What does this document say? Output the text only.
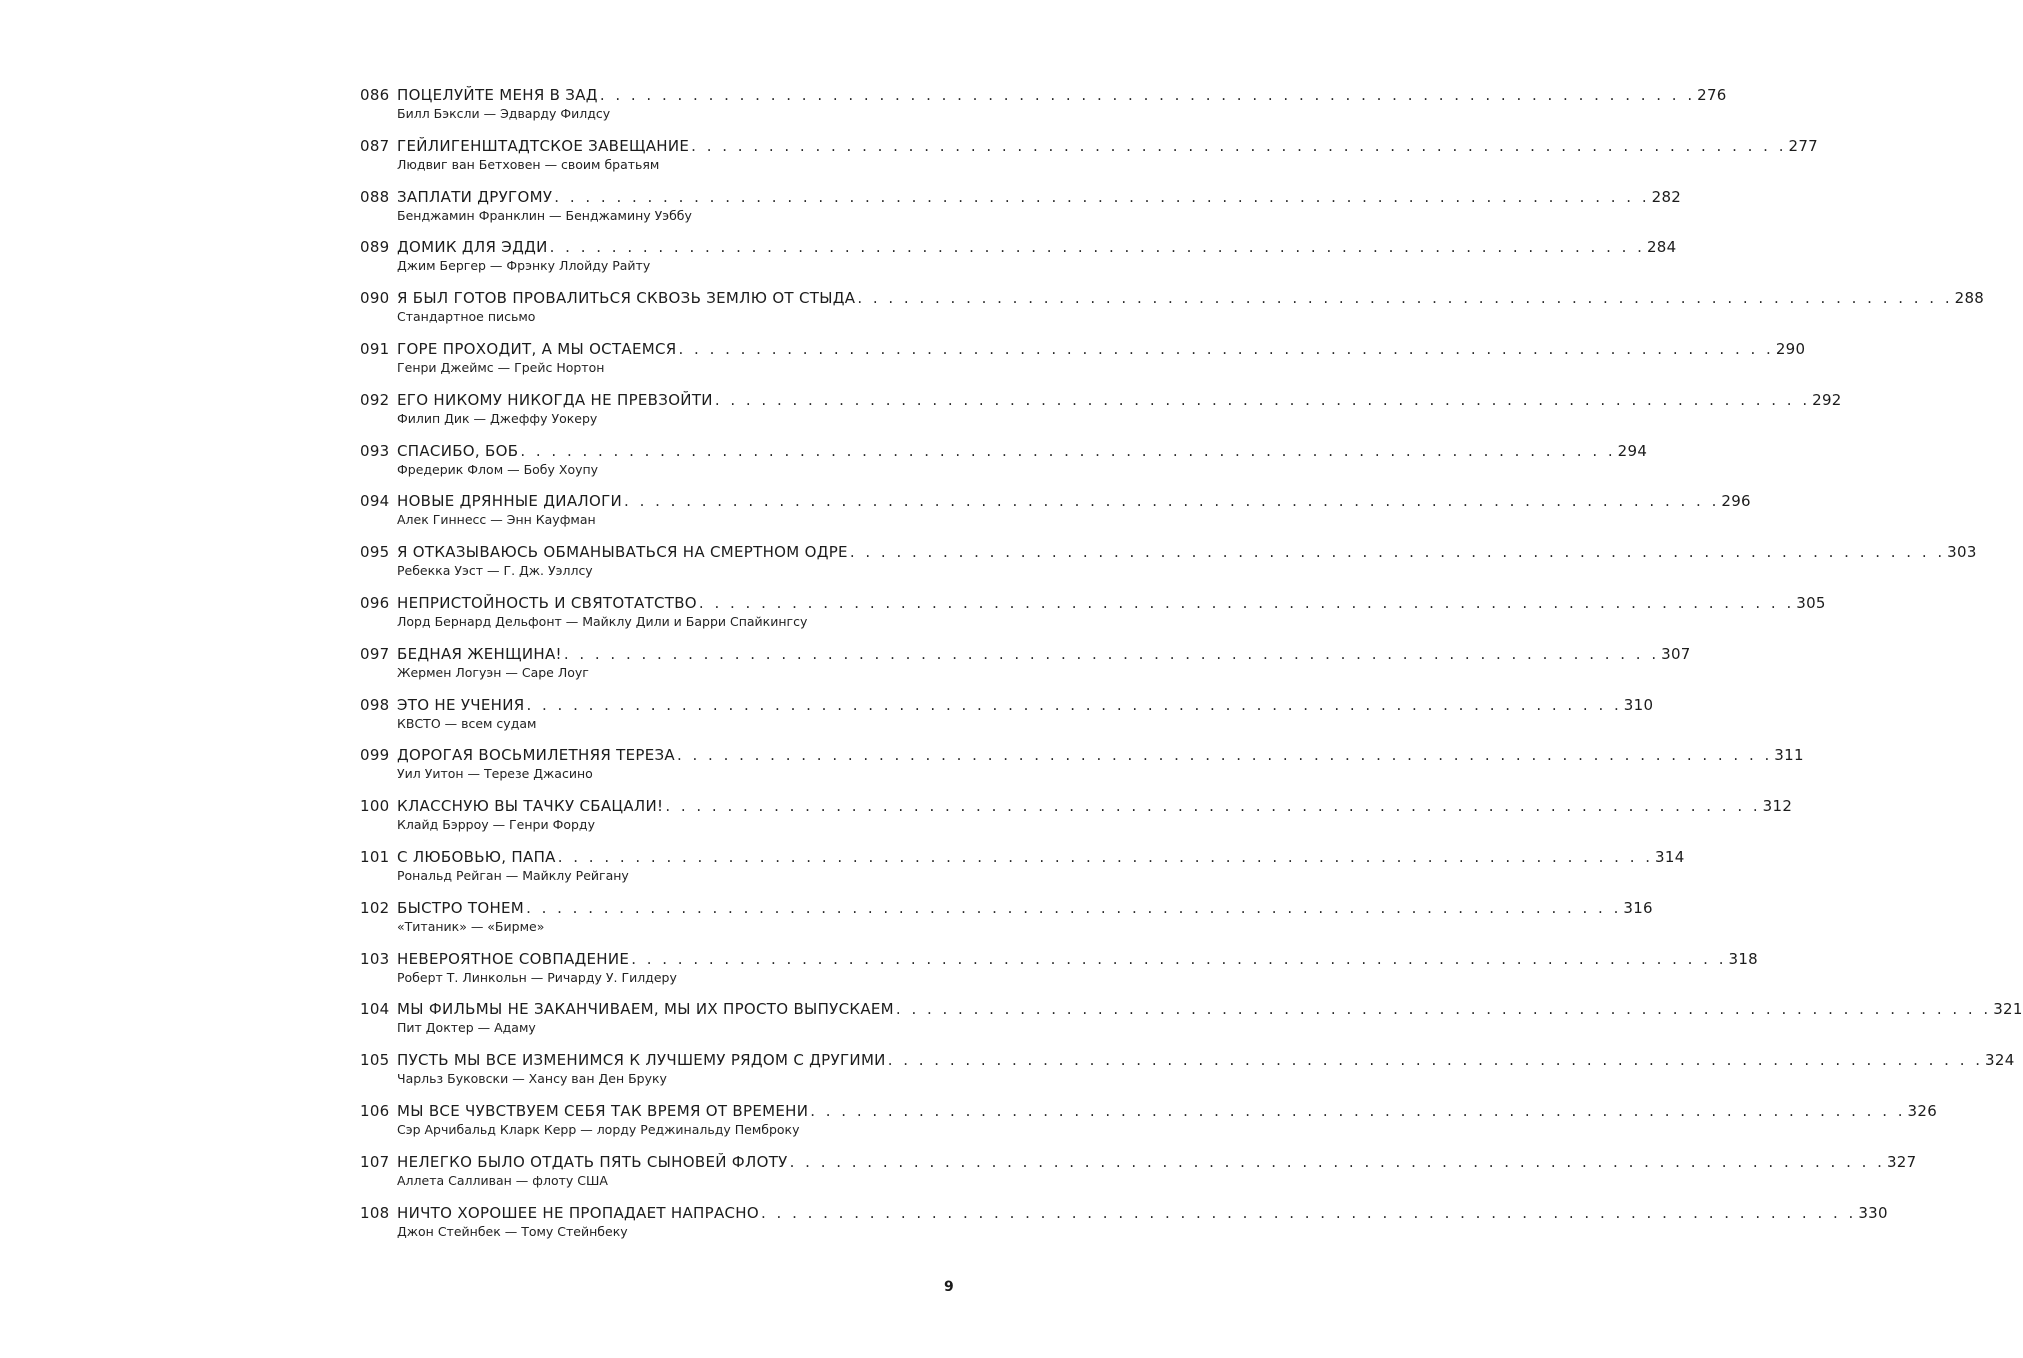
086 ПОЦЕЛУЙТЕ МЕНЯ В ЗАД . . .	276
Билл Бэксли — Эдварду Филдсу
087 ГЕЙЛИГЕНШТАДТСКОЕ ЗАВЕЩАНИЕ . . .	277
Людвиг ван Бетховен — своим братьям
088 ЗАПЛАТИ ДРУГОМУ . . .	282
Бенджамин Франклин — Бенджамину Уэббу
089 ДОМИК ДЛЯ ЭДДИ . . .	284
Джим Бергер — Фрэнку Ллойду Райту
090 Я БЫЛ ГОТОВ ПРОВАЛИТЬСЯ СКВОЗЬ ЗЕМЛЮ ОТ СТЫДА . . .	288
Стандартное письмо
091 ГОРЕ ПРОХОДИТ, А МЫ ОСТАЕМСЯ . . .	290
Генри Джеймс — Грейс Нортон
092 ЕГО НИКОМУ НИКОГДА НЕ ПРЕВЗОЙТИ . . .	292
Филип Дик — Джеффу Уокеру
093 СПАСИБО, БОБ . . .	294
Фредерик Флом — Бобу Хоупу
094 НОВЫЕ ДРЯННЫЕ ДИАЛОГИ . . .	296
Алек Гиннесс — Энн Кауфман
095 Я ОТКАЗЫВАЮСЬ ОБМАНЫВАТЬСЯ НА СМЕРТНОМ ОДРЕ . . .	303
Ребекка Уэст — Г. Дж. Уэллсу
096 НЕПРИСТОЙНОСТЬ И СВЯТОТАТСТВО . . .	305
Лорд Бернард Дельфонт — Майклу Дили и Барри Спайкингсу
097 БЕДНАЯ ЖЕНЩИНА! . . .	307
Жермен Логуэн — Саре Лоуг
098 ЭТО НЕ УЧЕНИЯ . . .	310
КВСТО — всем судам
099 ДОРОГАЯ ВОСЬМИЛЕТНЯЯ ТЕРЕЗА . . .	311
Уил Уитон — Терезе Джасино
100 КЛАССНУЮ ВЫ ТАЧКУ СБАЦАЛИ! . . .	312
Клайд Бэрроу — Генри Форду
101 С ЛЮБОВЬЮ, ПАПА . . .	314
Рональд Рейган — Майклу Рейгану
102 БЫСТРО ТОНЕМ . . .	316
«Титаник» — «Бирме»
103 НЕВЕРОЯТНОЕ СОВПАДЕНИЕ . . .	318
Роберт Т. Линкольн — Ричарду У. Гилдеру
104 МЫ ФИЛЬМЫ НЕ ЗАКАНЧИВАЕМ, МЫ ИХ ПРОСТО ВЫПУСКАЕМ . . .	321
Пит Доктер — Адаму
105 ПУСТЬ МЫ ВСЕ ИЗМЕНИМСЯ К ЛУЧШЕМУ РЯДОМ С ДРУГИМИ . . .	324
Чарльз Буковски — Хансу ван Ден Бруку
106 МЫ ВСЕ ЧУВСТВУЕМ СЕБЯ ТАК ВРЕМЯ ОТ ВРЕМЕНИ . . .	326
Сэр Арчибальд Кларк Керр — лорду Реджинальду Пемброку
107 НЕЛЕГКО БЫЛО ОТДАТЬ ПЯТЬ СЫНОВЕЙ ФЛОТУ . . .	327
Аллета Салливан — флоту США
108 НИЧТО ХОРОШЕЕ НЕ ПРОПАДАЕТ НАПРАСНО . . .	330
Джон Стейнбек — Тому Стейнбеку
9
